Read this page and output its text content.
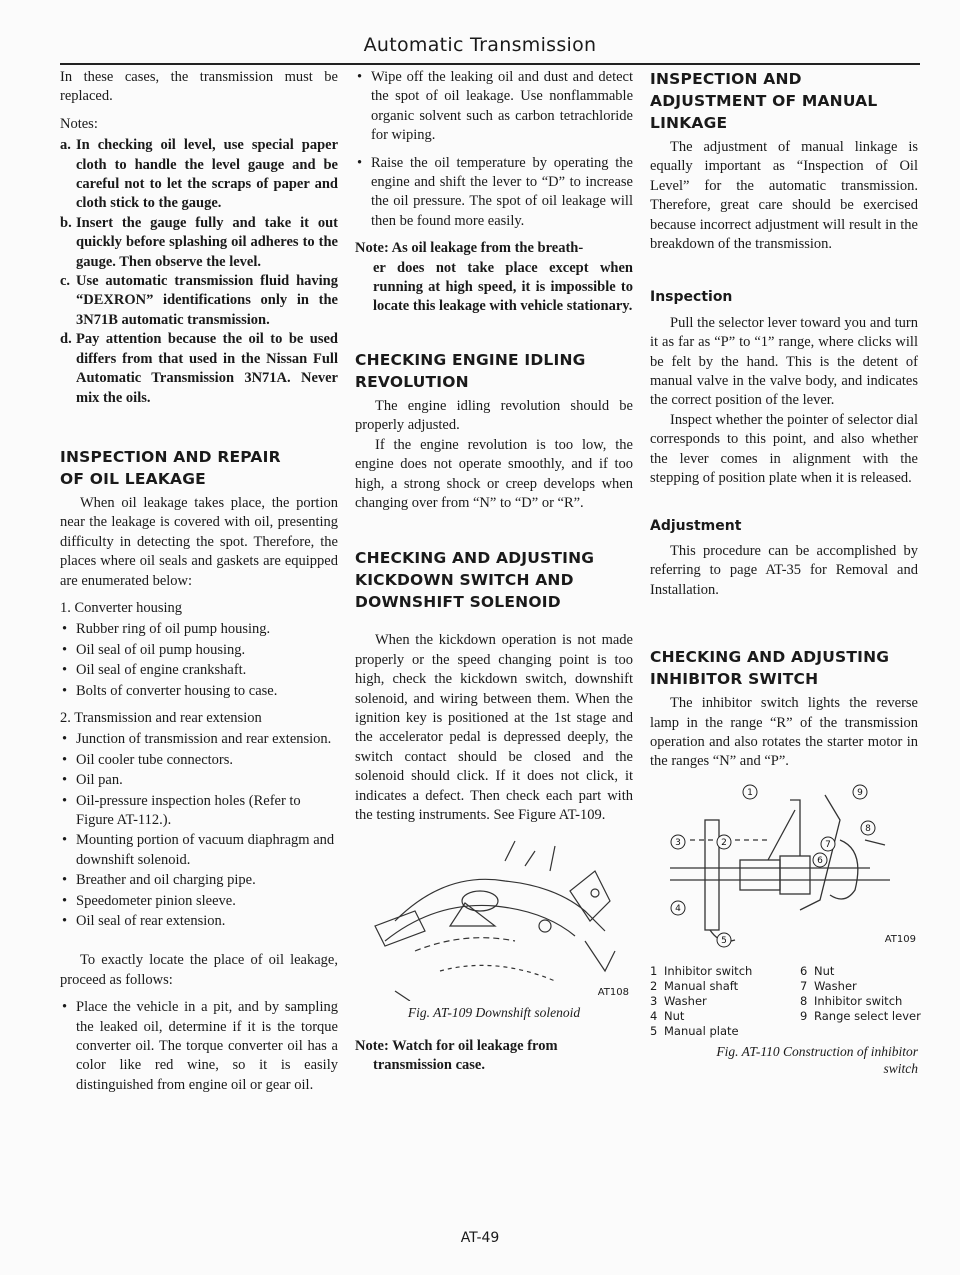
Automatic Transmission

In these cases, the transmission must be replaced.

Notes:

a. In checking oil level, use special paper cloth to handle the level gauge and be careful not to let the scraps of paper and cloth stick to the gauge.
b. Insert the gauge fully and take it out quickly before splashing oil adheres to the gauge. Then observe the level.
c. Use automatic transmission fluid having “DEXRON” identifications only in the 3N71B automatic transmission.
d. Pay attention because the oil to be used differs from that used in the Nissan Full Automatic Transmission 3N71A. Never mix the oils.
INSPECTION AND REPAIR
OF OIL LEAKAGE

When oil leakage takes place, the portion near the leakage is covered with oil, presenting difficulty in detecting the spot. Therefore, the places where oil seals and gaskets are equipped are enumerated below:

1. Converter housing

• Rubber ring of oil pump housing.
• Oil seal of oil pump housing.
• Oil seal of engine crankshaft.
• Bolts of converter housing to case.

2. Transmission and rear extension

• Junction of transmission and rear extension.
• Oil cooler tube connectors.
• Oil pan.
• Oil-pressure inspection holes (Refer to Figure AT-112.).
• Mounting portion of vacuum diaphragm and downshift solenoid.
• Breather and oil charging pipe.
• Speedometer pinion sleeve.
• Oil seal of rear extension.

To exactly locate the place of oil leakage, proceed as follows:

• Place the vehicle in a pit, and by sampling the leaked oil, determine if it is the torque converter oil. The torque converter oil has a color like red wine, so it is easily distinguished from engine oil or gear oil.
• Wipe off the leaking oil and dust and detect the spot of oil leakage. Use nonflammable organic solvent such as carbon tetrachloride for wiping.
• Raise the oil temperature by operating the engine and shift the lever to “D” to increase the oil pressure. The spot of oil leakage will then be found more easily.
Note: As oil leakage from the breath-
er does not take place except when running at high speed, it is impossible to locate this leakage with vehicle stationary.
CHECKING ENGINE IDLING
REVOLUTION

The engine idling revolution should be properly adjusted.

If the engine revolution is too low, the engine does not operate smoothly, and if too high, a strong shock or creep develops when changing over from “N” to “D” or “R”.

CHECKING AND ADJUSTING
KICKDOWN SWITCH AND
DOWNSHIFT SOLENOID

When the kickdown operation is not made properly or the speed changing point is too high, check the kickdown switch, downshift solenoid, and wiring between them. When the ignition key is positioned at the 1st stage and the accelerator pedal is depressed deeply, the switch contact should be closed and the solenoid should click. If it does not click, it indicates a defect. Then check each part with the testing instruments. See Figure AT-109.

AT108
Fig. AT-109 Downshift solenoid
Note: Watch for oil leakage from
transmission case.
INSPECTION AND
ADJUSTMENT OF MANUAL
LINKAGE

The adjustment of manual linkage is equally important as “Inspection of Oil Level” for the automatic transmission. Therefore, great care should be exercised because incorrect adjustment will result in the breakdown of the transmission.

Inspection

Pull the selector lever toward you and turn it as far as “P” to “1” range, where clicks will be felt by the hand. This is the detent of manual valve in the valve body, and indicates the correct position of the lever.

Inspect whether the pointer of selector dial corresponds to this point, and also whether the lever comes in alignment with the stepping of position plate when it is released.

Adjustment

This procedure can be accomplished by referring to page AT-35 for Removal and Installation.

CHECKING AND ADJUSTING
INHIBITOR SWITCH

The inhibitor switch lights the reverse lamp in the range “R” of the transmission operation and also rotates the starter motor in the ranges “N” and “P”.

1	9
3	2	7
8
6
4
5	AT109
1 Inhibitor switch
2 Manual shaft
3 Washer
4 Nut
5 Manual plate
6 Nut
7 Washer
8 Inhibitor switch
9 Range select lever
Fig. AT-110 Construction of inhibitor
switch
AT-49
